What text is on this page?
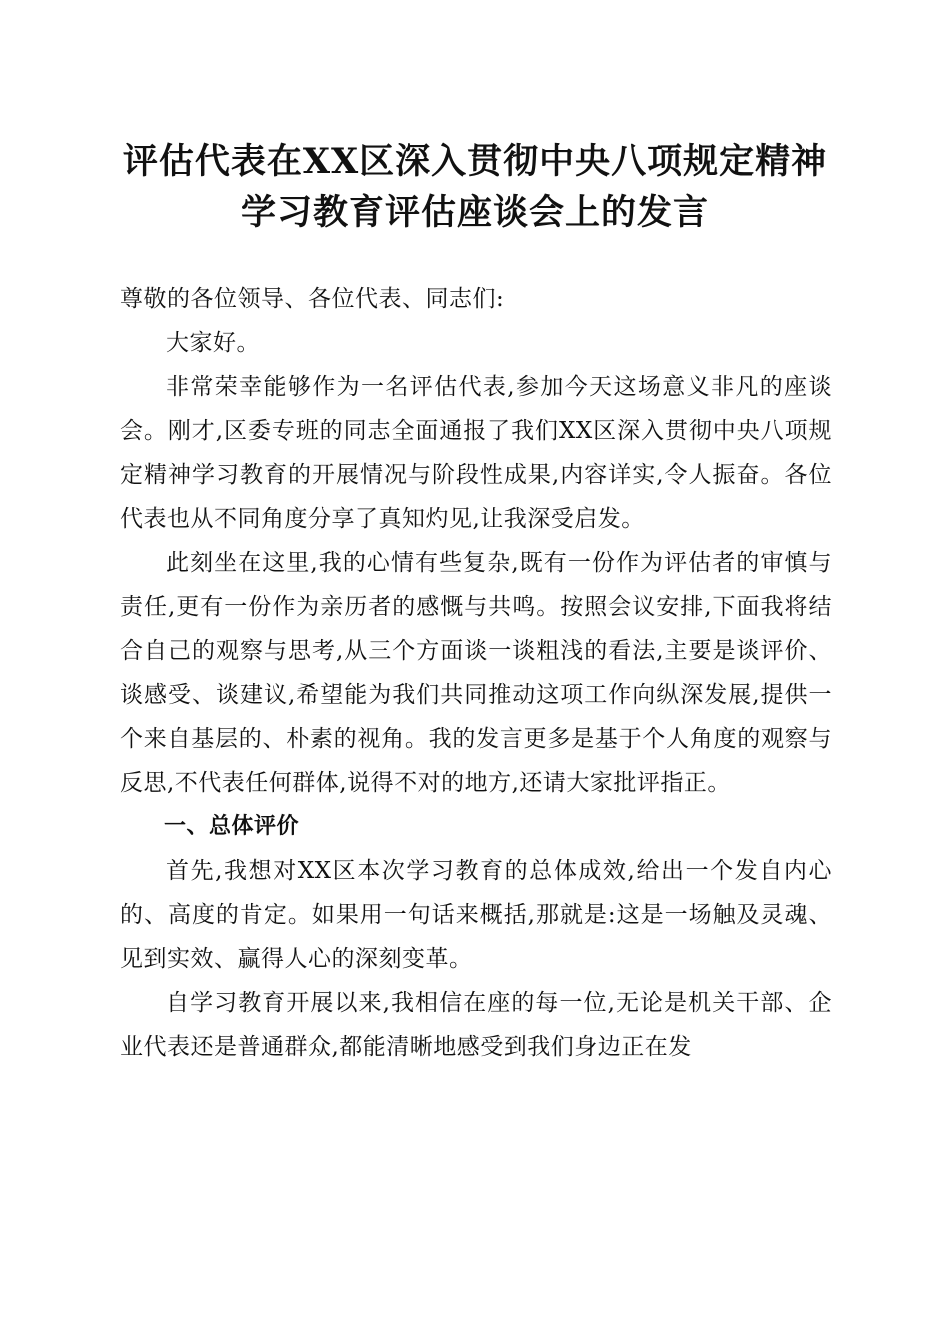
评估代表在XX区深入贯彻中央八项规定精神
学习教育评估座谈会上的发言

尊敬的各位领导、各位代表、同志们:

大家好。

非常荣幸能够作为一名评估代表,参加今天这场意义非凡的座谈会。刚才,区委专班的同志全面通报了我们XX区深入贯彻中央八项规定精神学习教育的开展情况与阶段性成果,内容详实,令人振奋。各位代表也从不同角度分享了真知灼见,让我深受启发。

此刻坐在这里,我的心情有些复杂,既有一份作为评估者的审慎与责任,更有一份作为亲历者的感慨与共鸣。按照会议安排,下面我将结合自己的观察与思考,从三个方面谈一谈粗浅的看法,主要是谈评价、谈感受、谈建议,希望能为我们共同推动这项工作向纵深发展,提供一个来自基层的、朴素的视角。我的发言更多是基于个人角度的观察与反思,不代表任何群体,说得不对的地方,还请大家批评指正。

一、总体评价

首先,我想对XX区本次学习教育的总体成效,给出一个发自内心的、高度的肯定。如果用一句话来概括,那就是:这是一场触及灵魂、见到实效、赢得人心的深刻变革。

自学习教育开展以来,我相信在座的每一位,无论是机关干部、企业代表还是普通群众,都能清晰地感受到我们身边正在发
